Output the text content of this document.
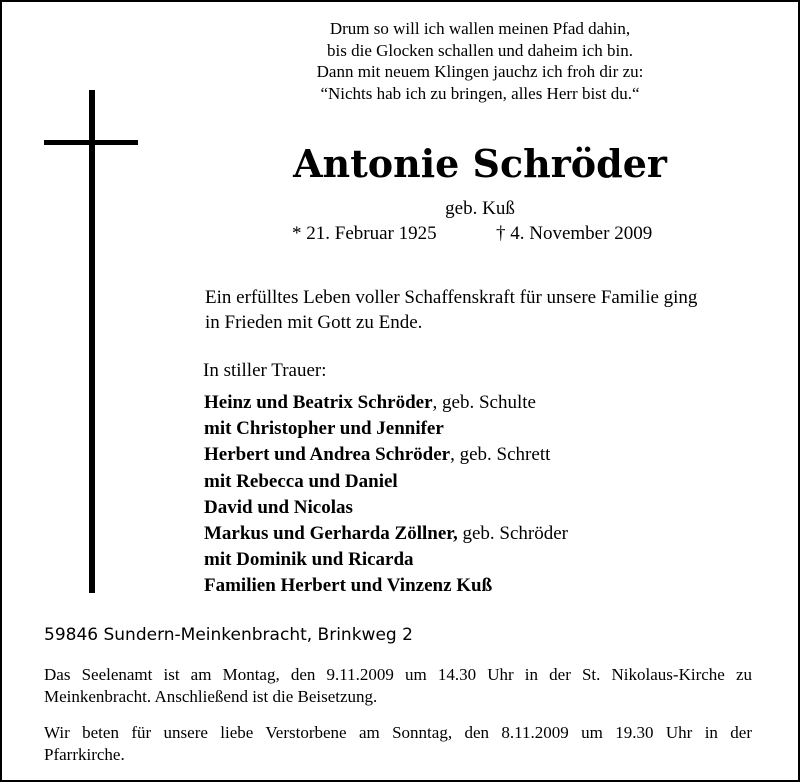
Drum so will ich wallen meinen Pfad dahin,
bis die Glocken schallen und daheim ich bin.
Dann mit neuem Klingen jauchz ich froh dir zu:
“Nichts hab ich zu bringen, alles Herr bist du.“
Antonie Schröder
geb. Kuß
* 21. Februar 1925	† 4. November 2009
Ein erfülltes Leben voller Schaffenskraft für unsere Familie ging
in Frieden mit Gott zu Ende.
In stiller Trauer:
Heinz und Beatrix Schröder, geb. Schulte
mit Christopher und Jennifer
Herbert und Andrea Schröder, geb. Schrett
mit Rebecca und Daniel
David und Nicolas
Markus und Gerharda Zöllner, geb. Schröder
mit Dominik und Ricarda
Familien Herbert und Vinzenz Kuß
59846 Sundern-Meinkenbracht, Brinkweg 2
Das Seelenamt ist am Montag, den 9.11.2009 um 14.30 Uhr in der St. Nikolaus-Kirche zu
Meinkenbracht. Anschließend ist die Beisetzung.
Wir beten für unsere liebe Verstorbene am Sonntag, den 8.11.2009 um 19.30 Uhr in der
Pfarrkirche.
